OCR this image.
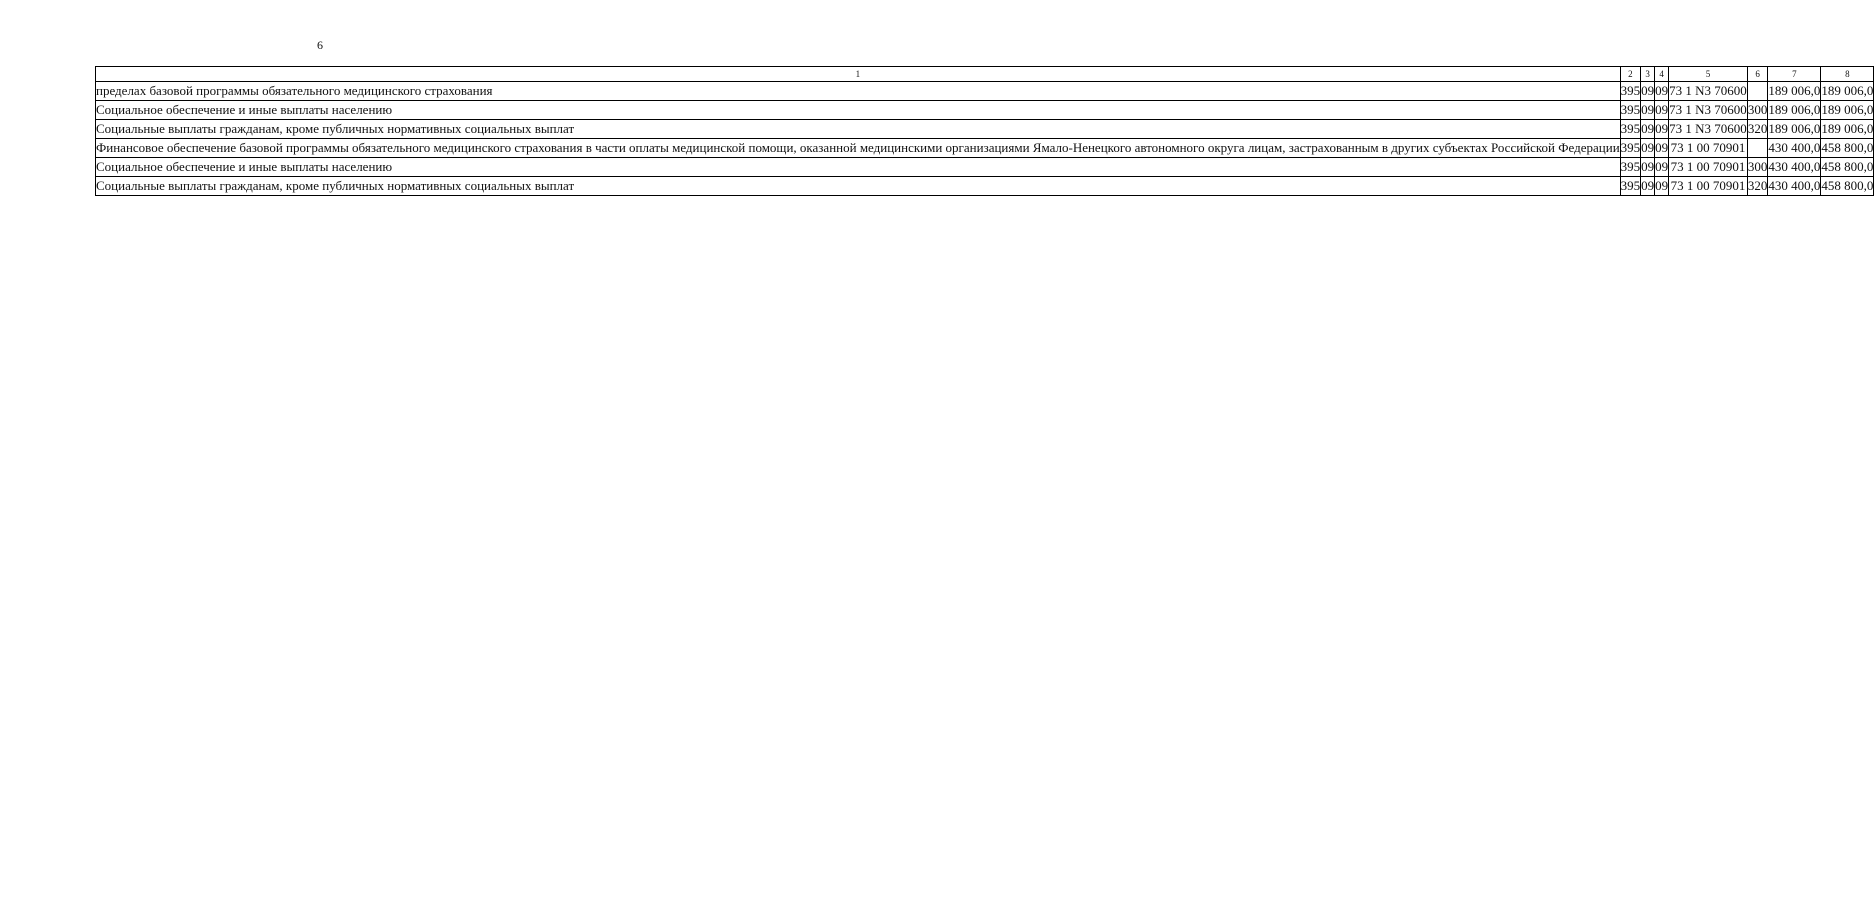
6
1	2	3	4	5	6	7	8
пределах базовой программы обязательного медицинского страхования	395	09	09	73 1 N3 70600		189 006,0	189 006,0
Социальное обеспечение и иные выплаты населению	395	09	09	73 1 N3 70600	300	189 006,0	189 006,0
Социальные выплаты гражданам, кроме публичных нормативных социальных выплат	395	09	09	73 1 N3 70600	320	189 006,0	189 006,0
Финансовое обеспечение базовой программы обязательного медицинского страхования в части оплаты медицинской помощи, оказанной медицинскими организациями Ямало-Ненецкого автономного округа лицам, застрахованным в других субъектах Российской Федерации	395	09	09	73 1 00 70901		430 400,0	458 800,0
Социальное обеспечение и иные выплаты населению	395	09	09	73 1 00 70901	300	430 400,0	458 800,0
Социальные выплаты гражданам, кроме публичных нормативных социальных выплат	395	09	09	73 1 00 70901	320	430 400,0	458 800,0
